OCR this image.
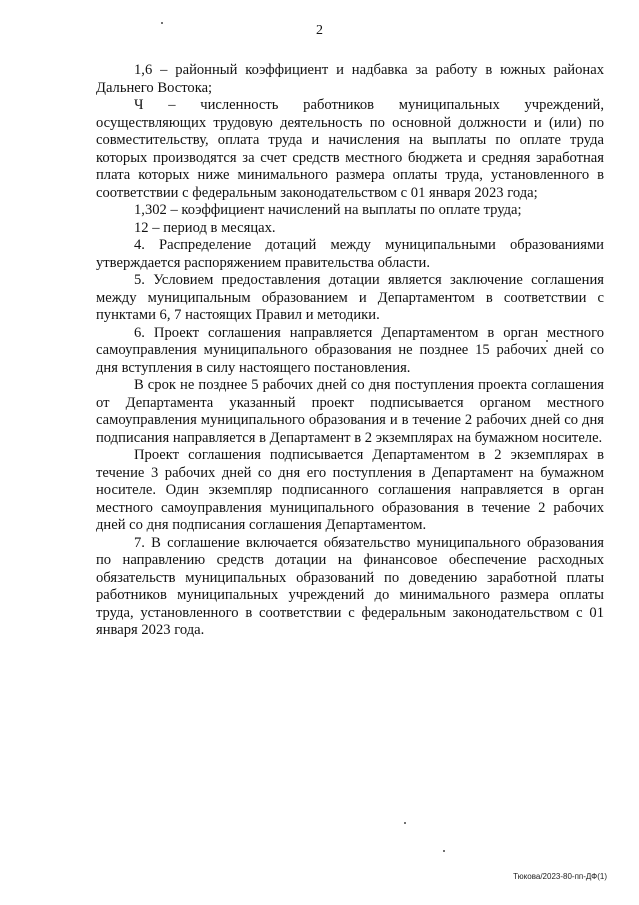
2

1,6 – районный коэффициент и надбавка за работу в южных районах Дальнего Востока;

Ч – численность работников муниципальных учреждений, осуществляющих трудовую деятельность по основной должности и (или) по совместительству, оплата труда и начисления на выплаты по оплате труда которых производятся за счет средств местного бюджета и средняя заработная плата которых ниже минимального размера оплаты труда, установленного в соответствии с федеральным законодательством с 01 января 2023 года;

1,302 – коэффициент начислений на выплаты по оплате труда;

12 – период в месяцах.

4. Распределение дотаций между муниципальными образованиями утверждается распоряжением правительства области.

5. Условием предоставления дотации является заключение соглашения между муниципальным образованием и Департаментом в соответствии с пунктами 6, 7 настоящих Правил и методики.

6. Проект соглашения направляется Департаментом в орган местного самоуправления муниципального образования не позднее 15 рабочих дней со дня вступления в силу настоящего постановления.

В срок не позднее 5 рабочих дней со дня поступления проекта соглашения от Департамента указанный проект подписывается органом местного самоуправления муниципального образования и в течение 2 рабочих дней со дня подписания направляется в Департамент в 2 экземплярах на бумажном носителе.

Проект соглашения подписывается Департаментом в 2 экземплярах в течение 3 рабочих дней со дня его поступления в Департамент на бумажном носителе. Один экземпляр подписанного соглашения направляется в орган местного самоуправления муниципального образования в течение 2 рабочих дней со дня подписания соглашения Департаментом.

7. В соглашение включается обязательство муниципального образования по направлению средств дотации на финансовое обеспечение расходных обязательств муниципальных образований по доведению заработной платы работников муниципальных учреждений до минимального размера оплаты труда, установленного в соответствии с федеральным законодательством с 01 января 2023 года.

Тюкова/2023-80-пп-ДФ(1)
